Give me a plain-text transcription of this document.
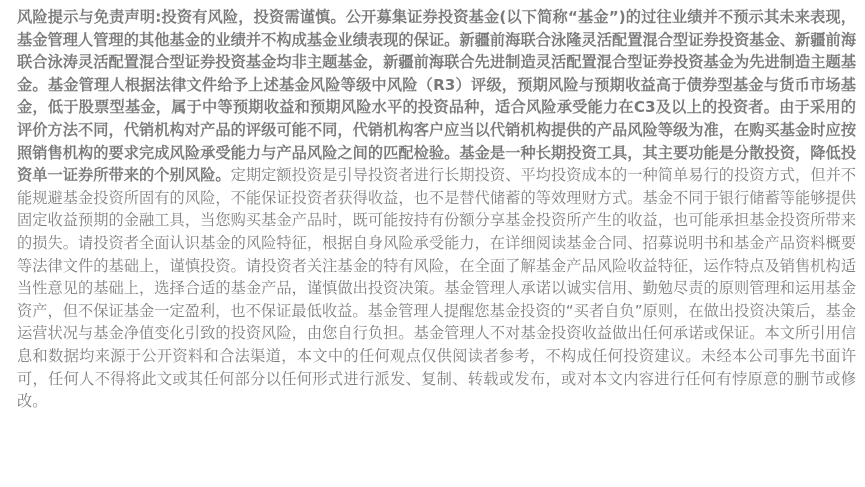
风险提示与免责声明:投资有风险，投资需谨慎。公开募集证券投资基金(以下简称“基金”)的过往业绩并不预示其未来表现， 基金管理人管理的其他基金的业绩并不构成基金业绩表现的保证。新疆前海联合泳隆灵活配置混合型证券投资基金、新疆前海联合泳涛灵活配置混合型证券投资基金均非主题基金，新疆前海联合先进制造灵活配置混合型证券投资基金为先进制造主题基金。基金管理人根据法律文件给予上述基金风险等级中风险（R3）评级，预期风险与预期收益高于债券型基金与货币市场基金，低于股票型基金，属于中等预期收益和预期风险水平的投资品种，适合风险承受能力在C3及以上的投资者。由于采用的评价方法不同，代销机构对产品的评级可能不同，代销机构客户应当以代销机构提供的产品风险等级为准，在购买基金时应按照销售机构的要求完成风险承受能力与产品风险之间的匹配检验。基金是一种长期投资工具，其主要功能是分散投资，降低投资单一证券所带来的个别风险。定期定额投资是引导投资者进行长期投资、平均投资成本的一种简单易行的投资方式，但并不能规避基金投资所固有的风险，不能保证投资者获得收益，也不是替代储蓄的等效理财方式。基金不同于银行储蓄等能够提供固定收益预期的金融工具，当您购买基金产品时，既可能按持有份额分享基金投资所产生的收益，也可能承担基金投资所带来的损失。请投资者全面认识基金的风险特征，根据自身风险承受能力，在详细阅读基金合同、招募说明书和基金产品资料概要等法律文件的基础上，谨慎投资。请投资者关注基金的特有风险，在全面了解基金产品风险收益特征，运作特点及销售机构适当性意见的基础上，选择合适的基金产品，谨慎做出投资决策。基金管理人承诺以诚实信用、勤勉尽责的原则管理和运用基金资产，但不保证基金一定盈利，也不保证最低收益。基金管理人提醒您基金投资的“买者自负”原则，在做出投资决策后，基金运营状况与基金净值变化引致的投资风险，由您自行负担。基金管理人不对基金投资收益做出任何承诺或保证。本文所引用信息和数据均来源于公开资料和合法渠道，本文中的任何观点仅供阅读者参考，不构成任何投资建议。未经本公司事先书面许可，任何人不得将此文或其任何部分以任何形式进行派发、复制、转载或发布，或对本文内容进行任何有悖原意的删节或修改。
